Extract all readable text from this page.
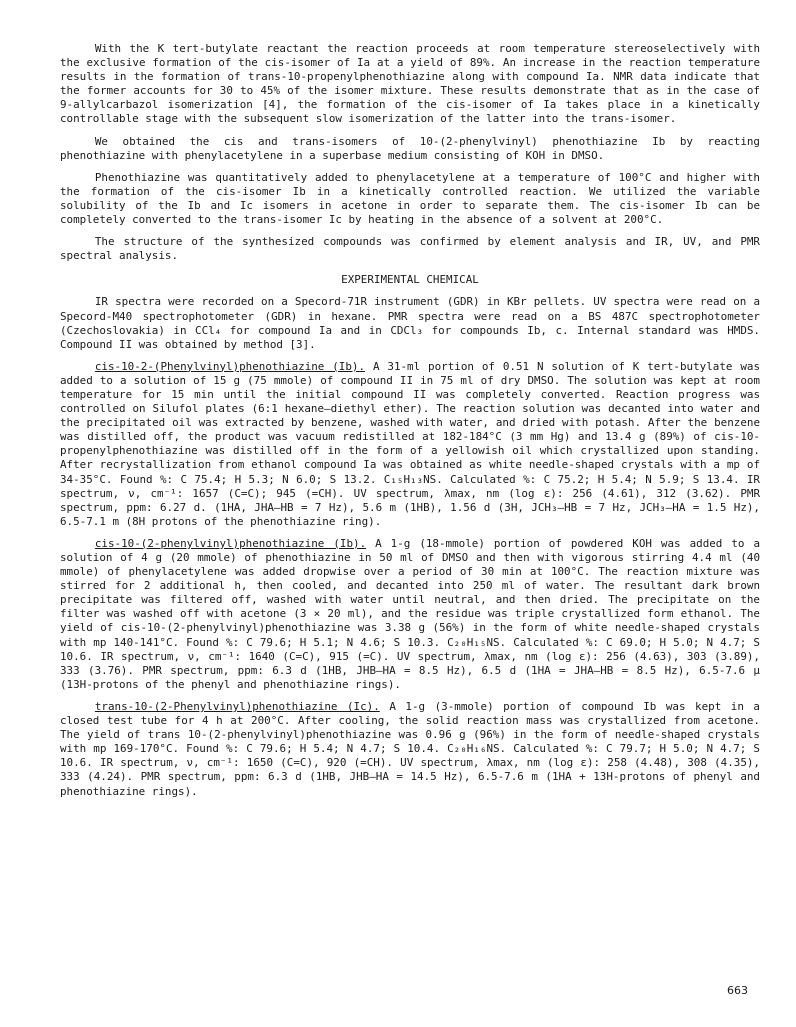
With the K tert-butylate reactant the reaction proceeds at room temperature stereoselectively with the exclusive formation of the cis-isomer of Ia at a yield of 89%. An increase in the reaction temperature results in the formation of trans-10-propenylphenothiazine along with compound Ia. NMR data indicate that the former accounts for 30 to 45% of the isomer mixture. These results demonstrate that as in the case of 9-allylcarbazol isomerization [4], the formation of the cis-isomer of Ia takes place in a kinetically controllable stage with the subsequent slow isomerization of the latter into the trans-isomer.

We obtained the cis and trans-isomers of 10-(2-phenylvinyl) phenothiazine Ib by reacting phenothiazine with phenylacetylene in a superbase medium consisting of KOH in DMSO.

Phenothiazine was quantitatively added to phenylacetylene at a temperature of 100°C and higher with the formation of the cis-isomer Ib in a kinetically controlled reaction. We utilized the variable solubility of the Ib and Ic isomers in acetone in order to separate them. The cis-isomer Ib can be completely converted to the trans-isomer Ic by heating in the absence of a solvent at 200°C.

The structure of the synthesized compounds was confirmed by element analysis and IR, UV, and PMR spectral analysis.

EXPERIMENTAL CHEMICAL

IR spectra were recorded on a Specord-71R instrument (GDR) in KBr pellets. UV spectra were read on a Specord-M40 spectrophotometer (GDR) in hexane. PMR spectra were read on a BS 487C spectrophotometer (Czechoslovakia) in CCl₄ for compound Ia and in CDCl₃ for compounds Ib, c. Internal standard was HMDS. Compound II was obtained by method [3].

cis-10-2-(Phenylvinyl)phenothiazine (Ib). A 31-ml portion of 0.51 N solution of K tert-butylate was added to a solution of 15 g (75 mmole) of compound II in 75 ml of dry DMSO. The solution was kept at room temperature for 15 min until the initial compound II was completely converted. Reaction progress was controlled on Silufol plates (6:1 hexane–diethyl ether). The reaction solution was decanted into water and the precipitated oil was extracted by benzene, washed with water, and dried with potash. After the benzene was distilled off, the product was vacuum redistilled at 182-184°C (3 mm Hg) and 13.4 g (89%) of cis-10-propenylphenothiazine was distilled off in the form of a yellowish oil which crystallized upon standing. After recrystallization from ethanol compound Ia was obtained as white needle-shaped crystals with a mp of 34-35°C. Found %: C 75.4; H 5.3; N 6.0; S 13.2. C₁₅H₁₃NS. Calculated %: C 75.2; H 5.4; N 5.9; S 13.4. IR spectrum, ν, cm⁻¹: 1657 (C=C); 945 (=CH). UV spectrum, λmax, nm (log ε): 256 (4.61), 312 (3.62). PMR spectrum, ppm: 6.27 d. (1HA, JHA–HB = 7 Hz), 5.6 m (1HB), 1.56 d (3H, JCH₃–HB = 7 Hz, JCH₃–HA = 1.5 Hz), 6.5-7.1 m (8H protons of the phenothiazine ring).

cis-10-(2-phenylvinyl)phenothiazine (Ib). A 1-g (18-mmole) portion of powdered KOH was added to a solution of 4 g (20 mmole) of phenothiazine in 50 ml of DMSO and then with vigorous stirring 4.4 ml (40 mmole) of phenylacetylene was added dropwise over a period of 30 min at 100°C. The reaction mixture was stirred for 2 additional h, then cooled, and decanted into 250 ml of water. The resultant dark brown precipitate was filtered off, washed with water until neutral, and then dried. The precipitate on the filter was washed off with acetone (3 × 20 ml), and the residue was triple crystallized form ethanol. The yield of cis-10-(2-phenylvinyl)phenothiazine was 3.38 g (56%) in the form of white needle-shaped crystals with mp 140-141°C. Found %: C 79.6; H 5.1; N 4.6; S 10.3. C₂₀H₁₅NS. Calculated %: C 69.0; H 5.0; N 4.7; S 10.6. IR spectrum, ν, cm⁻¹: 1640 (C=C), 915 (=C). UV spectrum, λmax, nm (log ε): 256 (4.63), 303 (3.89), 333 (3.76). PMR spectrum, ppm: 6.3 d (1HB, JHB–HA = 8.5 Hz), 6.5 d (1HA = JHA–HB = 8.5 Hz), 6.5-7.6 μ (13H-protons of the phenyl and phenothiazine rings).

trans-10-(2-Phenylvinyl)phenothiazine (Ic). A 1-g (3-mmole) portion of compound Ib was kept in a closed test tube for 4 h at 200°C. After cooling, the solid reaction mass was crystallized from acetone. The yield of trans 10-(2-phenylvinyl)phenothiazine was 0.96 g (96%) in the form of needle-shaped crystals with mp 169-170°C. Found %: C 79.6; H 5.4; N 4.7; S 10.4. C₂₀H₁₆NS. Calculated %: C 79.7; H 5.0; N 4.7; S 10.6. IR spectrum, ν, cm⁻¹: 1650 (C=C), 920 (=CH). UV spectrum, λmax, nm (log ε): 258 (4.48), 308 (4.35), 333 (4.24). PMR spectrum, ppm: 6.3 d (1HB, JHB–HA = 14.5 Hz), 6.5-7.6 m (1HA + 13H-protons of phenyl and phenothiazine rings).

663
